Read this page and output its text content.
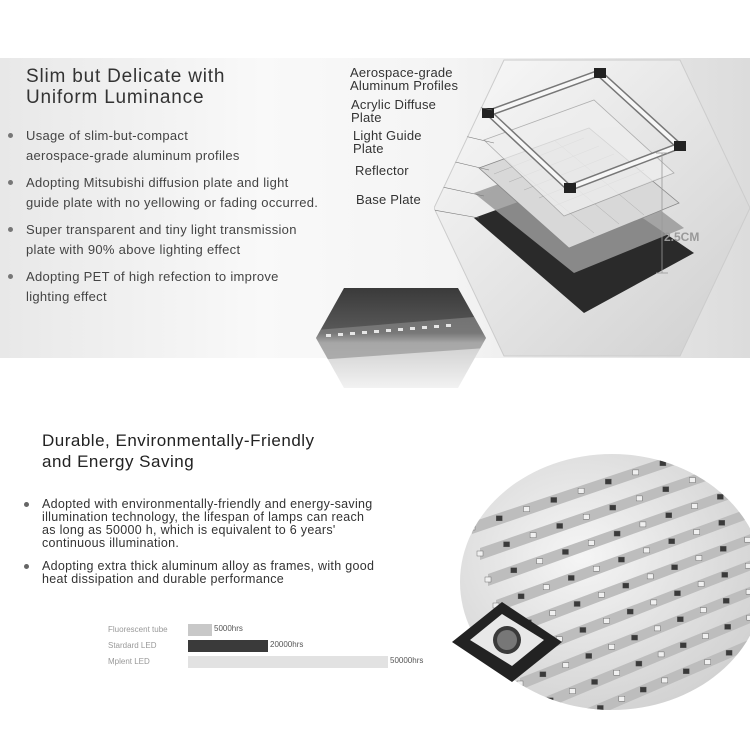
Slim but Delicate with
Uniform Luminance
Usage of slim-but-compact
aerospace-grade aluminum profiles
Adopting Mitsubishi diffusion plate and light
guide plate with no yellowing or fading occurred.
Super transparent and tiny light transmission
plate with 90% above lighting effect
Adopting PET of high refection to improve
lighting effect
Aerospace-grade
Aluminum Profiles
Acrylic Diffuse
Plate
Light Guide
Plate
Reflector
Base Plate
2.5CM
Durable, Environmentally-Friendly
and Energy Saving
Adopted with environmentally-friendly and energy-saving
illumination technology, the lifespan of lamps can reach
as long as 50000 h, which is equivalent to 6 years'
continuous illumination.
Adopting extra thick aluminum alloy as frames, with good
heat dissipation and durable performance
Fluorescent tube	5000hrs
Stardard LED	20000hrs
Mplent LED	50000hrs
